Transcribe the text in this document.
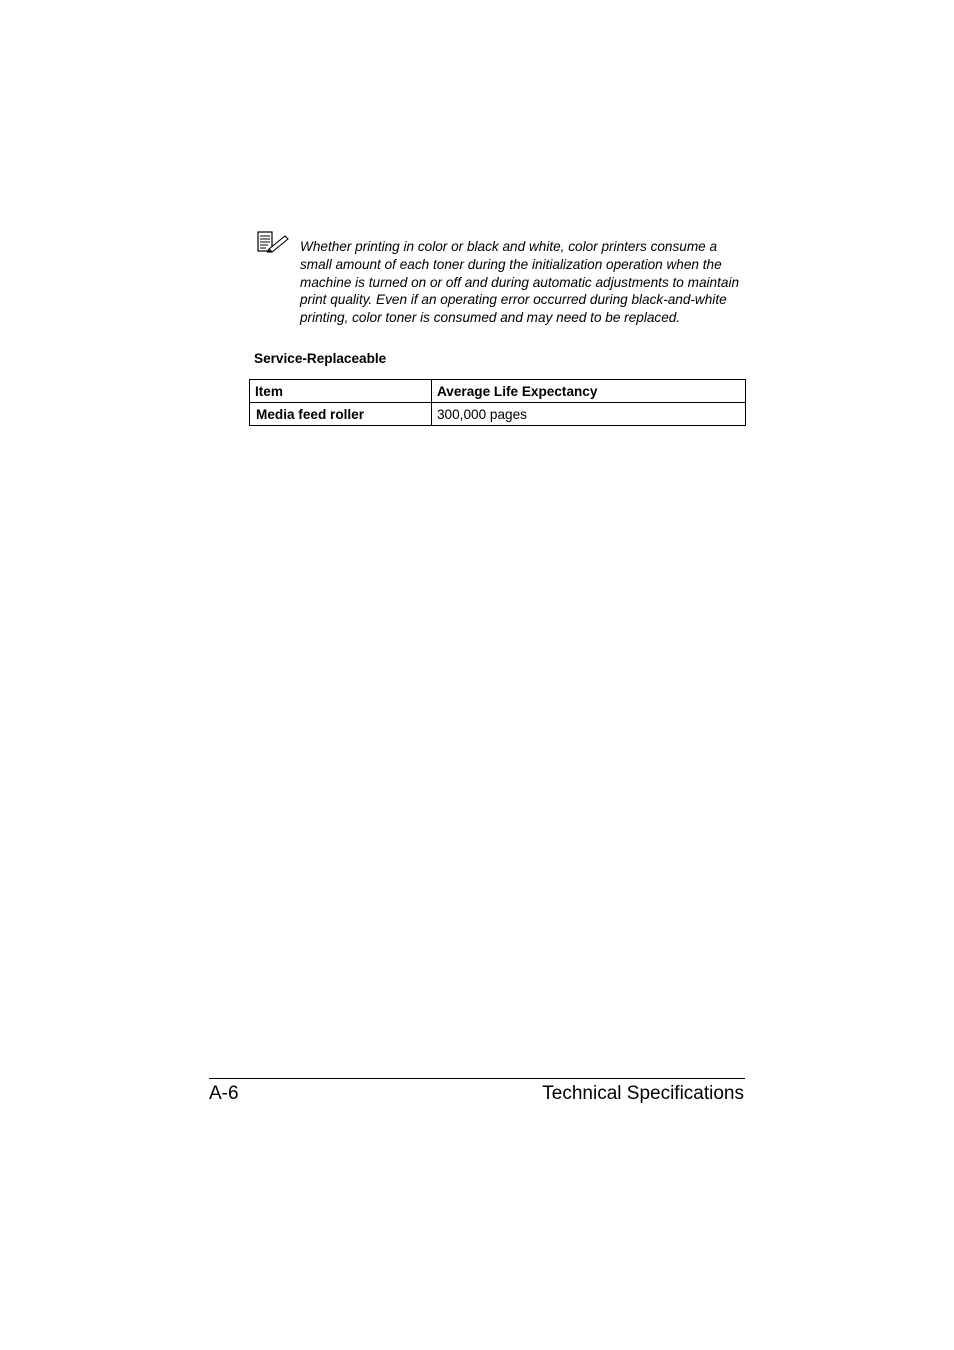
Whether printing in color or black and white, color printers consume a small amount of each toner during the initialization operation when the machine is turned on or off and during automatic adjustments to maintain print quality. Even if an operating error occurred during black-and-white printing, color toner is consumed and may need to be replaced.

Service-Replaceable
Item	Average Life Expectancy
Media feed roller	300,000 pages
A-6	Technical Specifications
